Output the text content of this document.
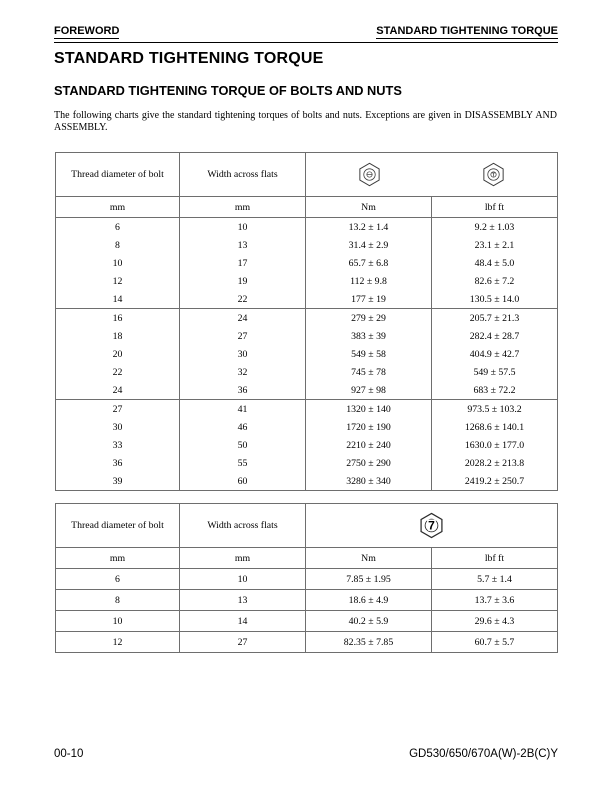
FOREWORD	STANDARD TIGHTENING TORQUE
STANDARD TIGHTENING TORQUE
STANDARD TIGHTENING TORQUE OF BOLTS AND NUTS

The following charts give the standard tightening torques of bolts and nuts. Exceptions are given in DISASSEMBLY AND ASSEMBLY.

Thread diameter of bolt	Width across flats	

mm	mm	Nm	lbf ft
6	10	13.2 ± 1.4	9.2 ± 1.03
8	13	31.4 ± 2.9	23.1 ± 2.1
10	17	65.7 ± 6.8	48.4 ± 5.0
12	19	112 ± 9.8	82.6 ± 7.2
14	22	177 ± 19	130.5 ± 14.0
16	24	279 ± 29	205.7 ± 21.3
18	27	383 ± 39	282.4 ± 28.7
20	30	549 ± 58	404.9 ± 42.7
22	32	745 ± 78	549 ± 57.5
24	36	927 ± 98	683 ± 72.2
27	41	1320 ± 140	973.5 ± 103.2
30	46	1720 ± 190	1268.6 ± 140.1
33	50	2210 ± 240	1630.0 ± 177.0
36	55	2750 ± 290	2028.2 ± 213.8
39	60	3280 ± 340	2419.2 ± 250.7
Thread diameter of bolt	Width across flats	7	

mm	mm	Nm	lbf ft
6	10	7.85 ± 1.95	5.7 ± 1.4
8	13	18.6 ± 4.9	13.7 ± 3.6
10	14	40.2 ± 5.9	29.6 ± 4.3
12	27	82.35 ± 7.85	60.7 ± 5.7
00-10	GD530/650/670A(W)-2B(C)Y
